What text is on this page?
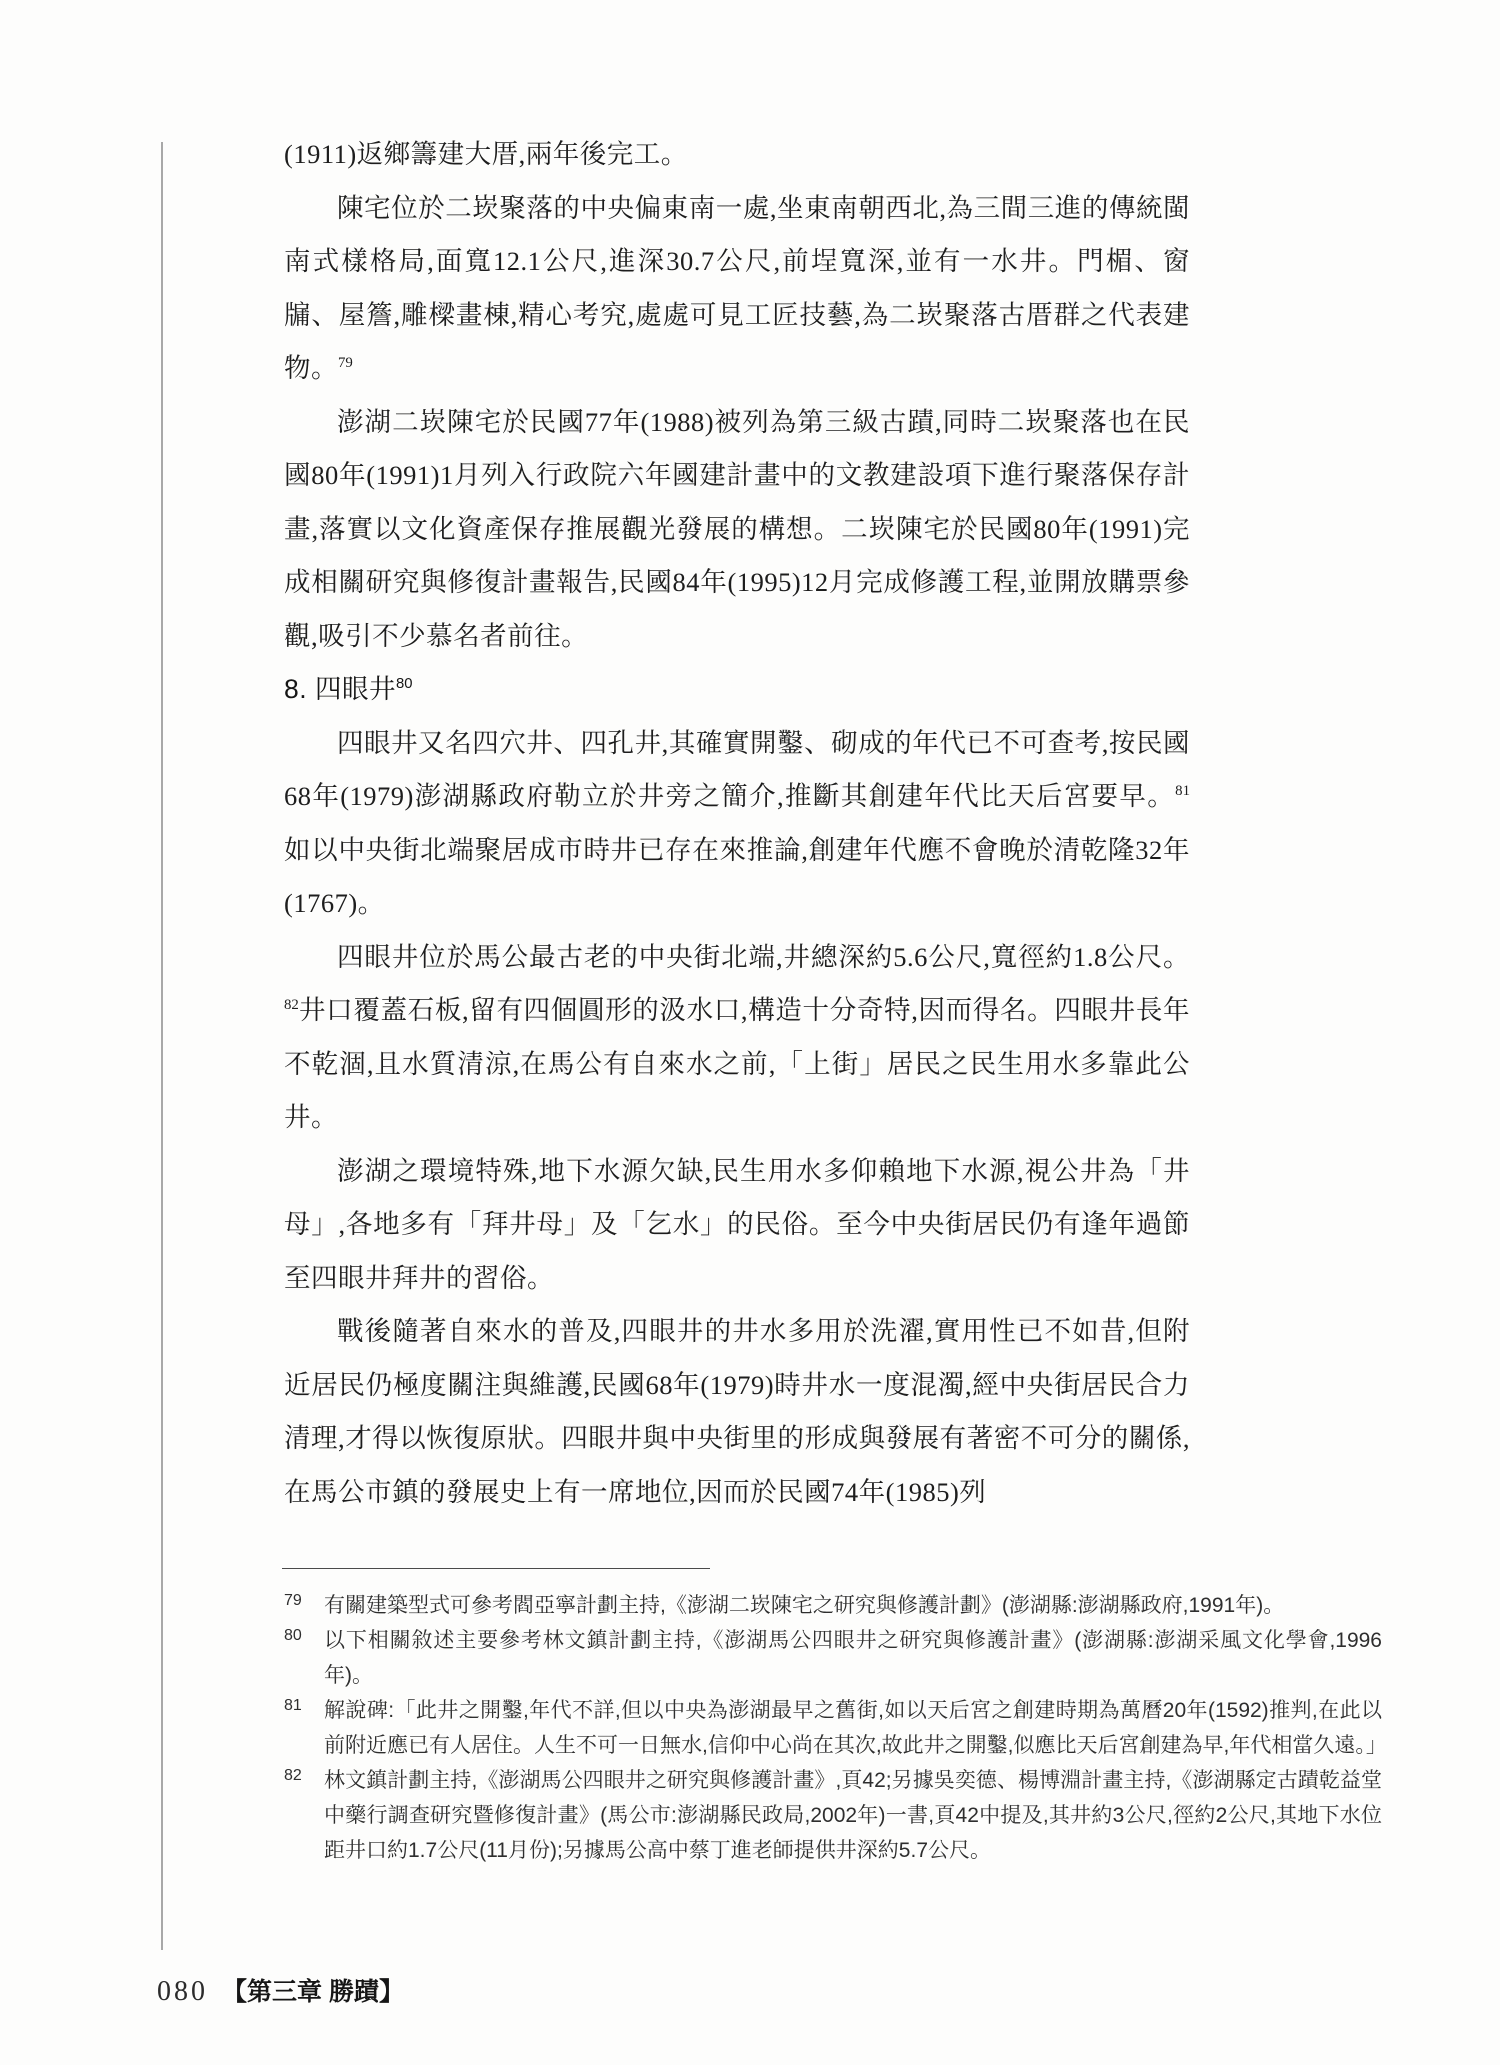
(1911)返鄉籌建大厝,兩年後完工。

陳宅位於二崁聚落的中央偏東南一處,坐東南朝西北,為三間三進的傳統閩南式樣格局,面寬12.1公尺,進深30.7公尺,前埕寬深,並有一水井。門楣、窗牖、屋簷,雕樑畫棟,精心考究,處處可見工匠技藝,為二崁聚落古厝群之代表建物。$^{79}$

澎湖二崁陳宅於民國77年(1988)被列為第三級古蹟,同時二崁聚落也在民國80年(1991)1月列入行政院六年國建計畫中的文教建設項下進行聚落保存計畫,落實以文化資產保存推展觀光發展的構想。二崁陳宅於民國80年(1991)完成相關研究與修復計畫報告,民國84年(1995)12月完成修護工程,並開放購票參觀,吸引不少慕名者前往。

8. 四眼井$^{80}$

四眼井又名四穴井、四孔井,其確實開鑿、砌成的年代已不可查考,按民國68年(1979)澎湖縣政府勒立於井旁之簡介,推斷其創建年代比天后宮要早。$^{81}$如以中央街北端聚居成市時井已存在來推論,創建年代應不會晚於清乾隆32年(1767)。

四眼井位於馬公最古老的中央街北端,井總深約5.6公尺,寬徑約1.8公尺。$^{82}$井口覆蓋石板,留有四個圓形的汲水口,構造十分奇特,因而得名。四眼井長年不乾涸,且水質清涼,在馬公有自來水之前,「上街」居民之民生用水多靠此公井。

澎湖之環境特殊,地下水源欠缺,民生用水多仰賴地下水源,視公井為「井母」,各地多有「拜井母」及「乞水」的民俗。至今中央街居民仍有逢年過節至四眼井拜井的習俗。

戰後隨著自來水的普及,四眼井的井水多用於洗濯,實用性已不如昔,但附近居民仍極度關注與維護,民國68年(1979)時井水一度混濁,經中央街居民合力清理,才得以恢復原狀。四眼井與中央街里的形成與發展有著密不可分的關係,在馬公市鎮的發展史上有一席地位,因而於民國74年(1985)列

79 有關建築型式可參考閻亞寧計劃主持,《澎湖二崁陳宅之研究與修護計劃》(澎湖縣:澎湖縣政府,1991年)。
80 以下相關敘述主要參考林文鎮計劃主持,《澎湖馬公四眼井之研究與修護計畫》(澎湖縣:澎湖采風文化學會,1996年)。
81 解說碑:「此井之開鑿,年代不詳,但以中央為澎湖最早之舊街,如以天后宮之創建時期為萬曆20年(1592)推判,在此以前附近應已有人居住。人生不可一日無水,信仰中心尚在其次,故此井之開鑿,似應比天后宮創建為早,年代相當久遠。」
82 林文鎮計劃主持,《澎湖馬公四眼井之研究與修護計畫》,頁42;另據吳奕德、楊博淵計畫主持,《澎湖縣定古蹟乾益堂中藥行調查研究暨修復計畫》(馬公市:澎湖縣民政局,2002年)一書,頁42中提及,其井約3公尺,徑約2公尺,其地下水位距井口約1.7公尺(11月份);另據馬公高中蔡丁進老師提供井深約5.7公尺。
080 【第三章 勝蹟】
